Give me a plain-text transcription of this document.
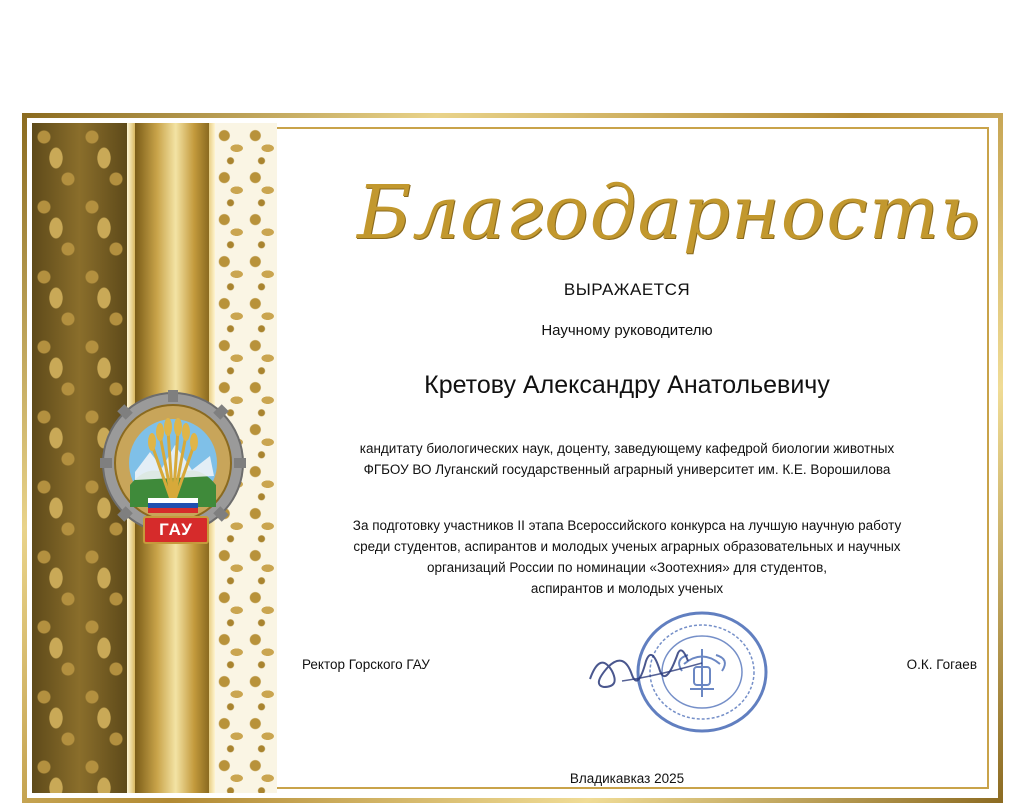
ГАУ
Благодарность
ВЫРАЖАЕТСЯ
Научному руководителю
Кретову Александру Анатольевичу
кандитату биологических наук, доценту, заведующему кафедрой биологии животных
ФГБОУ ВО Луганский государственный аграрный университет им. К.Е. Ворошилова
За подготовку участников II этапа Всероссийского конкурса на лучшую научную работу
среди студентов, аспирантов и молодых ученых аграрных образовательных и научных
организаций России по номинации «Зоотехния» для студентов,
аспирантов и молодых ученых
Ректор Горского ГАУ	О.К. Гогаев
Владикавказ 2025
